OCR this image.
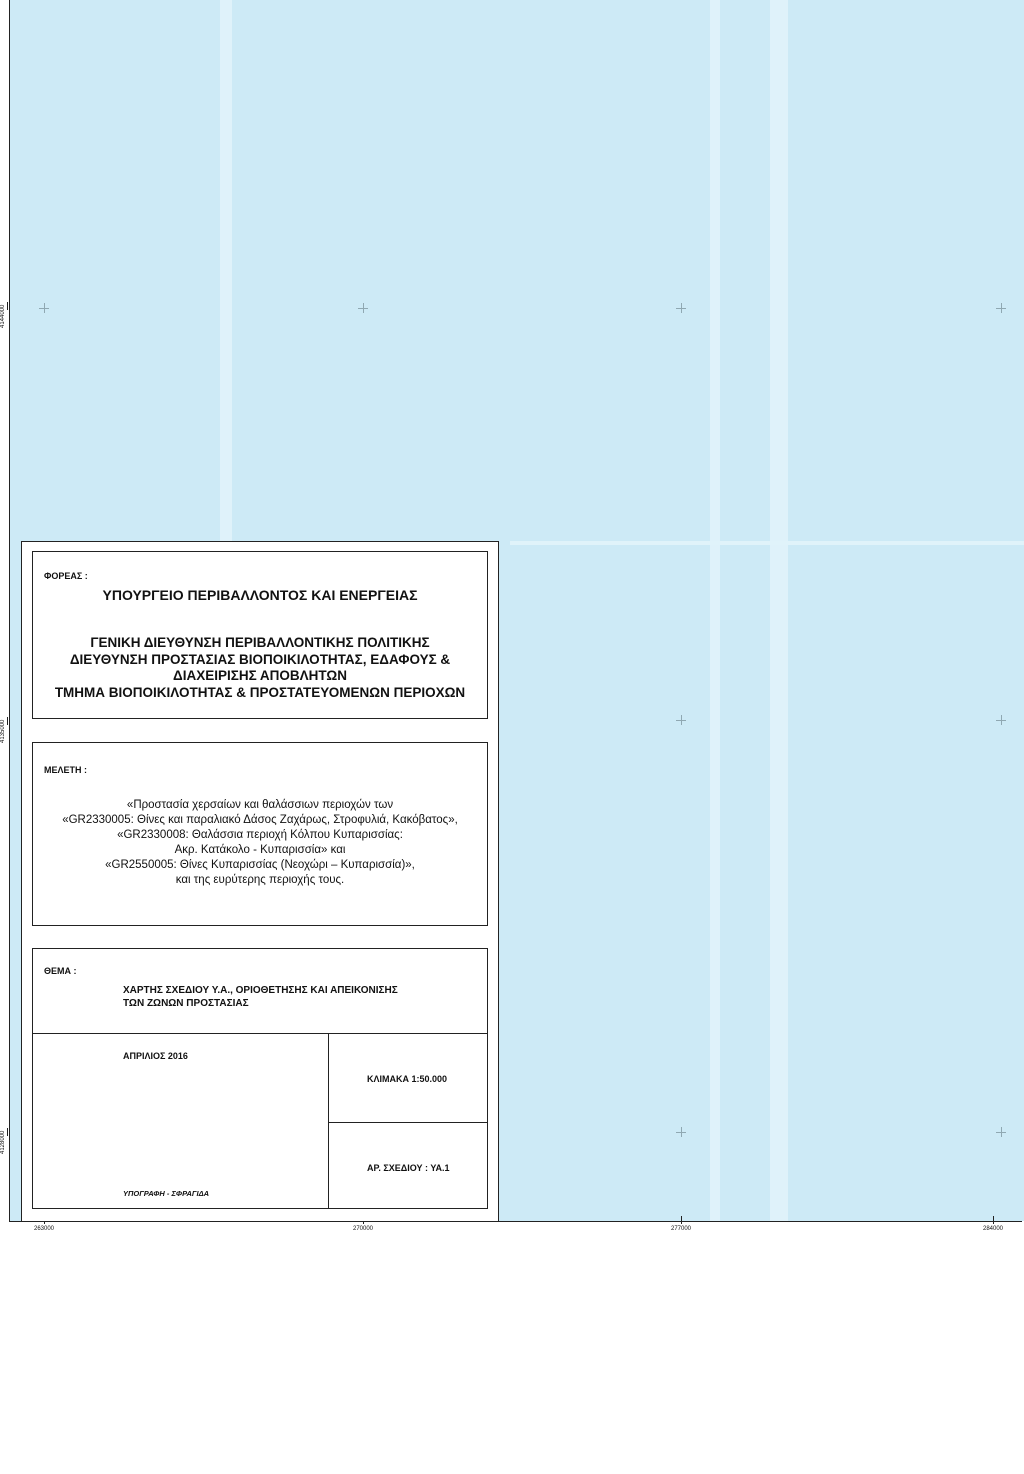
4144000
4135000
4128000
263000	270000	277000	284000
ΦΟΡΕΑΣ :
ΥΠΟΥΡΓΕΙΟ ΠΕΡΙΒΑΛΛΟΝΤΟΣ ΚΑΙ ΕΝΕΡΓΕΙΑΣ
ΓΕΝΙΚΗ ΔΙΕΥΘΥΝΣΗ ΠΕΡΙΒΑΛΛΟΝΤΙΚΗΣ ΠΟΛΙΤΙΚΗΣ
ΔΙΕΥΘΥΝΣΗ ΠΡΟΣΤΑΣΙΑΣ ΒΙΟΠΟΙΚΙΛΟΤΗΤΑΣ, ΕΔΑΦΟΥΣ &
ΔΙΑΧΕΙΡΙΣΗΣ ΑΠΟΒΛΗΤΩΝ
ΤΜΗΜΑ ΒΙΟΠΟΙΚΙΛΟΤΗΤΑΣ & ΠΡΟΣΤΑΤΕΥΟΜΕΝΩΝ ΠΕΡΙΟΧΩΝ
ΜΕΛΕΤΗ :
«Προστασία χερσαίων και θαλάσσιων περιοχών των
«GR2330005: Θίνες και παραλιακό Δάσος Ζαχάρως, Στροφυλιά, Κακόβατος»,
«GR2330008: Θαλάσσια περιοχή Κόλπου Κυπαρισσίας:
Ακρ. Κατάκολο - Κυπαρισσία» και
«GR2550005: Θίνες Κυπαρισσίας (Νεοχώρι – Κυπαρισσία)»,
και της ευρύτερης περιοχής τους.
ΘΕΜΑ :
ΧΑΡΤΗΣ ΣΧΕΔΙΟΥ Υ.Α., ΟΡΙΟΘΕΤΗΣΗΣ ΚΑΙ ΑΠΕΙΚΟΝΙΣΗΣ
ΤΩΝ ΖΩΝΩΝ ΠΡΟΣΤΑΣΙΑΣ
ΑΠΡΙΛΙΟΣ 2016
ΥΠΟΓΡΑΦΗ - ΣΦΡΑΓΙΔΑ
ΚΛΙΜΑΚΑ 1:50.000
ΑΡ. ΣΧΕΔΙΟΥ : ΥΑ.1
